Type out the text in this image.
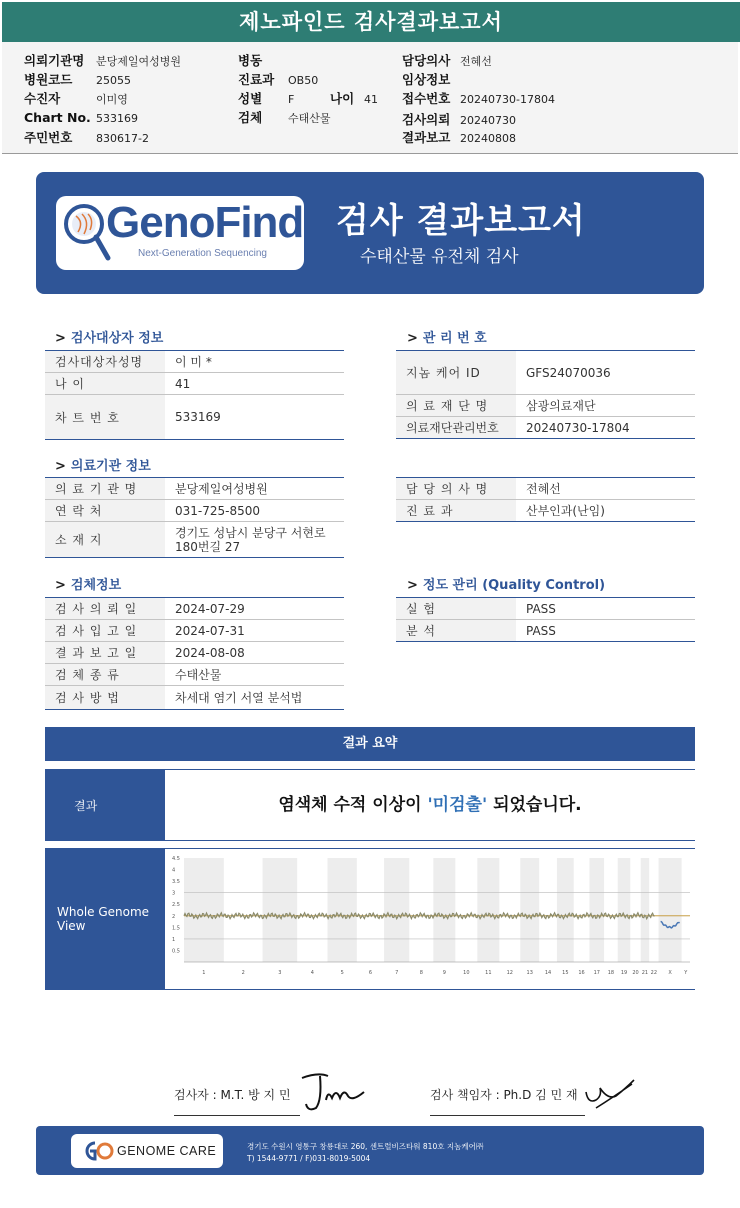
제노파인드 검사결과보고서
의뢰기관명 분당제일여성병원
병원코드 25055
수진자	이미영
Chart No. 533169
주민번호 830617-2
병동
진료과 OB50
성별 F	나이 41
검체 수태산물
담당의사 전혜선
임상정보
접수번호 20240730-17804
검사의뢰 20240730
결과보고 20240808
GenoFind
Next-Generation Sequencing
검사 결과보고서
수태산물 유전체 검사
> 검사대상자 정보
검사대상자성명	이 미 *
나 이	41
차 트 번 호	533169
> 관 리 번 호
지놈 케어 ID	GFS24070036
의 료 재 단 명	삼광의료재단
의료재단관리번호	20240730-17804
> 의료기관 정보
의 료 기 관 명	분당제일여성병원
연 락 처	031-725-8500
소 재 지
경기도 성남시 분당구 서현로 180번길 27
담 당 의 사 명	전혜선
진 료 과	산부인과(난임)
> 검체정보
검 사 의 뢰 일	2024-07-29
검 사 입 고 일	2024-07-31
결 과 보 고 일	2024-08-08
검 체 종 류	수태산물
검 사 방 법	차세대 염기 서열 분석법
> 정도 관리 (Quality Control)
실 험	PASS
분 석	PASS
결과 요약
결과	염색체 수적 이상이 '미검출' 되었습니다.
Whole Genome View
4.5
4
3.5
3
2.5
2
1.5
1
0.5
1	2	3	4	5	6	7	8	9	10	11	12	13 14 15 16 17 18 19 20 21 22 X Y
검사자 : M.T. 방 지 민	검사 책임자 : Ph.D 김 민 재
GENOME CARE	경기도 수원시 영통구 창룡대로 260, 센트럴비즈타워 810호 지놈케어㈜
T) 1544-9771 / F)031-8019-5004
